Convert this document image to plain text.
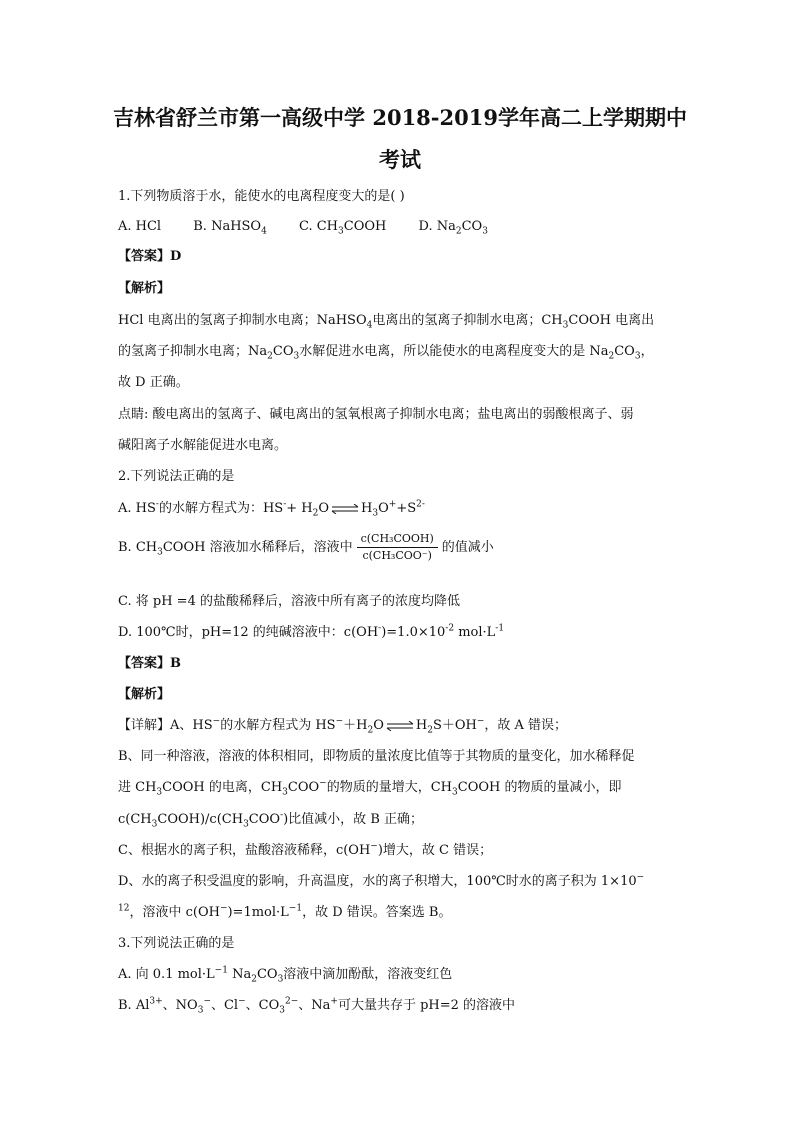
吉林省舒兰市第一高级中学 2018-2019学年高二上学期期中
考试
1.下列物质溶于水，能使水的电离程度变大的是( )
A. HCl B. NaHSO$_4$ C. $CH_3COOH$ D. $Na_2CO_3$
【答案】D
【解析】
HCl 电离出的氢离子抑制水电离；NaHSO$_4$电离出的氢离子抑制水电离；$CH_3COOH$ 电离出
的氢离子抑制水电离；$Na_2CO_3$水解促进水电离，所以能使水的电离程度变大的是 $Na_2CO_3$，
故 D 正确。
点睛: 酸电离出的氢离子、碱电离出的氢氧根离子抑制水电离；盐电离出的弱酸根离子、弱
碱阳离子水解能促进水电离。
2.下列说法正确的是
A. HS-的水解方程式为：$HS^-+ H_2O$ ⇌ $H_3O^++S^{2-}$
B. $CH_3COOH$ 溶液加水稀释后，溶液中 $\frac{\text{c(CH₃COOH)}}{\text{c(CH₃COO⁻)}}$ 的值减小
C. 将 pH =4 的盐酸稀释后，溶液中所有离子的浓度均降低
D. 100℃时，pH=12 的纯碱溶液中：$c(OH^-)=1.0\times 10^{-2}$ $mol\cdot L^{-1}$
【答案】B
【解析】
【详解】A、HS−的水解方程式为 $HS^-+H_2O$ ⇌ $H_2S+OH^-$，故 A 错误；
B、同一种溶液，溶液的体积相同，即物质的量浓度比值等于其物质的量变化，加水稀释促
进 $CH_3COOH$ 的电离，$CH_3COO^-$的物质的量增大，$CH_3COOH$ 的物质的量减小，即
$c(CH_3COOH)/c(CH_3COO^-)$比值减小，故 B 正确；
C、根据水的离子积，盐酸溶液稀释，c(OH−)增大，故 C 错误；
D、水的离子积受温度的影响，升高温度，水的离子积增大，100℃时水的离子积为 1×10−
$^{12}$，溶液中 $c(OH^-)=1mol\cdot L^{-1}$，故 D 错误。答案选 B。
3.下列说法正确的是
A. 向 0.1 $mol\cdot L^{-1}$ $Na_2CO_3$溶液中滴加酚酞，溶液变红色
B. $Al^{3+}$、$NO_3^-$、Cl−、$CO_3^{2-}$、Na+可大量共存于 pH=2 的溶液中
